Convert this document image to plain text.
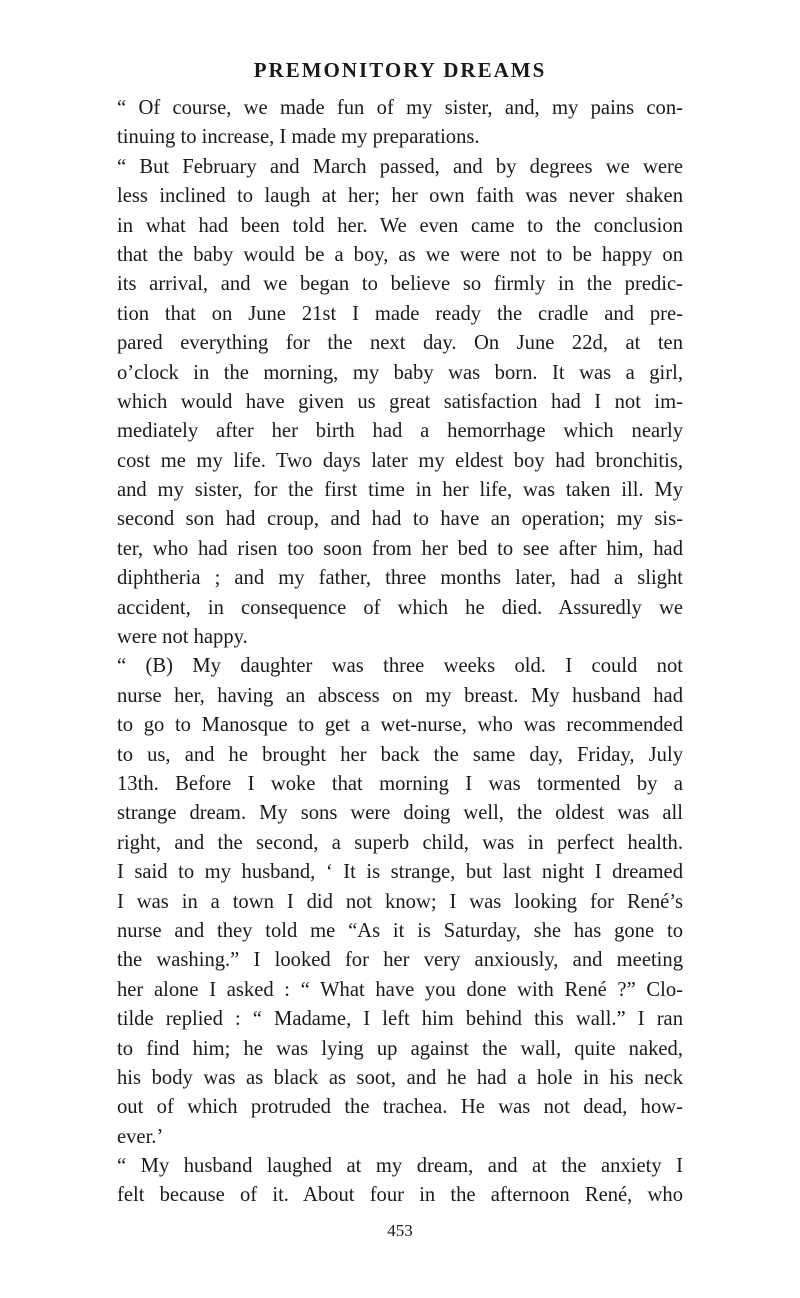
PREMONITORY DREAMS
“ Of course, we made fun of my sister, and, my pains con-
tinuing to increase, I made my preparations.
“ But February and March passed, and by degrees we were
less inclined to laugh at her; her own faith was never shaken
in what had been told her. We even came to the conclusion
that the baby would be a boy, as we were not to be happy on
its arrival, and we began to believe so firmly in the predic-
tion that on June 21st I made ready the cradle and pre-
pared everything for the next day. On June 22d, at ten
o’clock in the morning, my baby was born. It was a girl,
which would have given us great satisfaction had I not im-
mediately after her birth had a hemorrhage which nearly
cost me my life. Two days later my eldest boy had bronchitis,
and my sister, for the first time in her life, was taken ill. My
second son had croup, and had to have an operation; my sis-
ter, who had risen too soon from her bed to see after him, had
diphtheria ; and my father, three months later, had a slight
accident, in consequence of which he died. Assuredly we
were not happy.
“ (B) My daughter was three weeks old. I could not
nurse her, having an abscess on my breast. My husband had
to go to Manosque to get a wet-nurse, who was recommended
to us, and he brought her back the same day, Friday, July
13th. Before I woke that morning I was tormented by a
strange dream. My sons were doing well, the oldest was all
right, and the second, a superb child, was in perfect health.
I said to my husband, ‘ It is strange, but last night I dreamed
I was in a town I did not know; I was looking for René’s
nurse and they told me “As it is Saturday, she has gone to
the washing.” I looked for her very anxiously, and meeting
her alone I asked : “ What have you done with René ?” Clo-
tilde replied : “ Madame, I left him behind this wall.” I ran
to find him; he was lying up against the wall, quite naked,
his body was as black as soot, and he had a hole in his neck
out of which protruded the trachea. He was not dead, how-
ever.’
“ My husband laughed at my dream, and at the anxiety I
felt because of it. About four in the afternoon René, who
453
